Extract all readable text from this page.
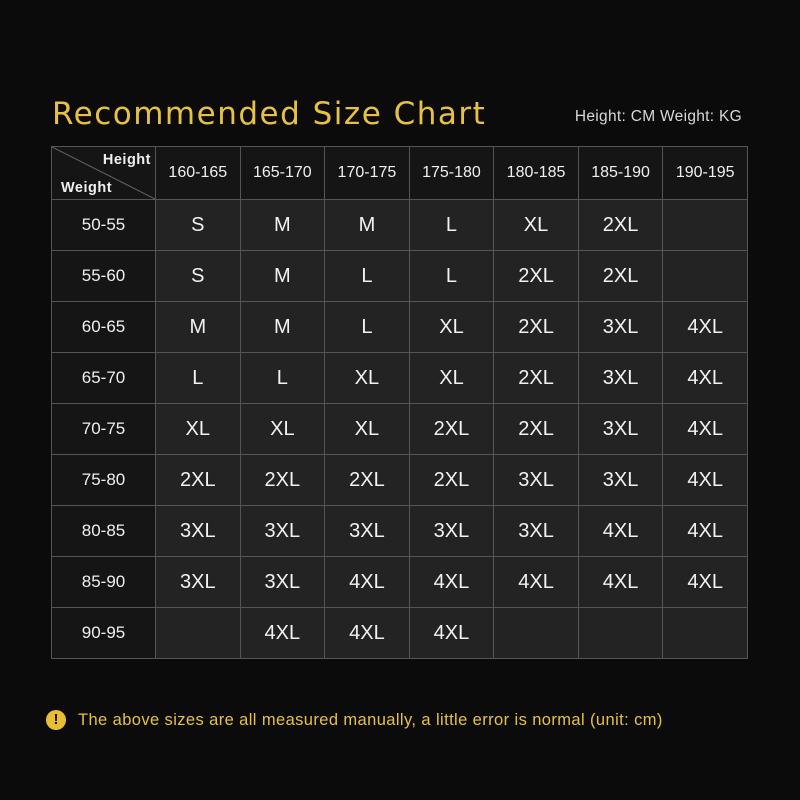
Recommended Size Chart	Height: CM Weight: KG
Height
Weight	160-165	165-170	170-175	175-180	180-185	185-190	190-195
50-55	S	M	M	L	XL	2XL	
55-60	S	M	L	L	2XL	2XL	
60-65	M	M	L	XL	2XL	3XL	4XL
65-70	L	L	XL	XL	2XL	3XL	4XL
70-75	XL	XL	XL	2XL	2XL	3XL	4XL
75-80	2XL	2XL	2XL	2XL	3XL	3XL	4XL
80-85	3XL	3XL	3XL	3XL	3XL	4XL	4XL
85-90	3XL	3XL	4XL	4XL	4XL	4XL	4XL
90-95		4XL	4XL	4XL			
!	The above sizes are all measured manually, a little error is normal (unit: cm)
